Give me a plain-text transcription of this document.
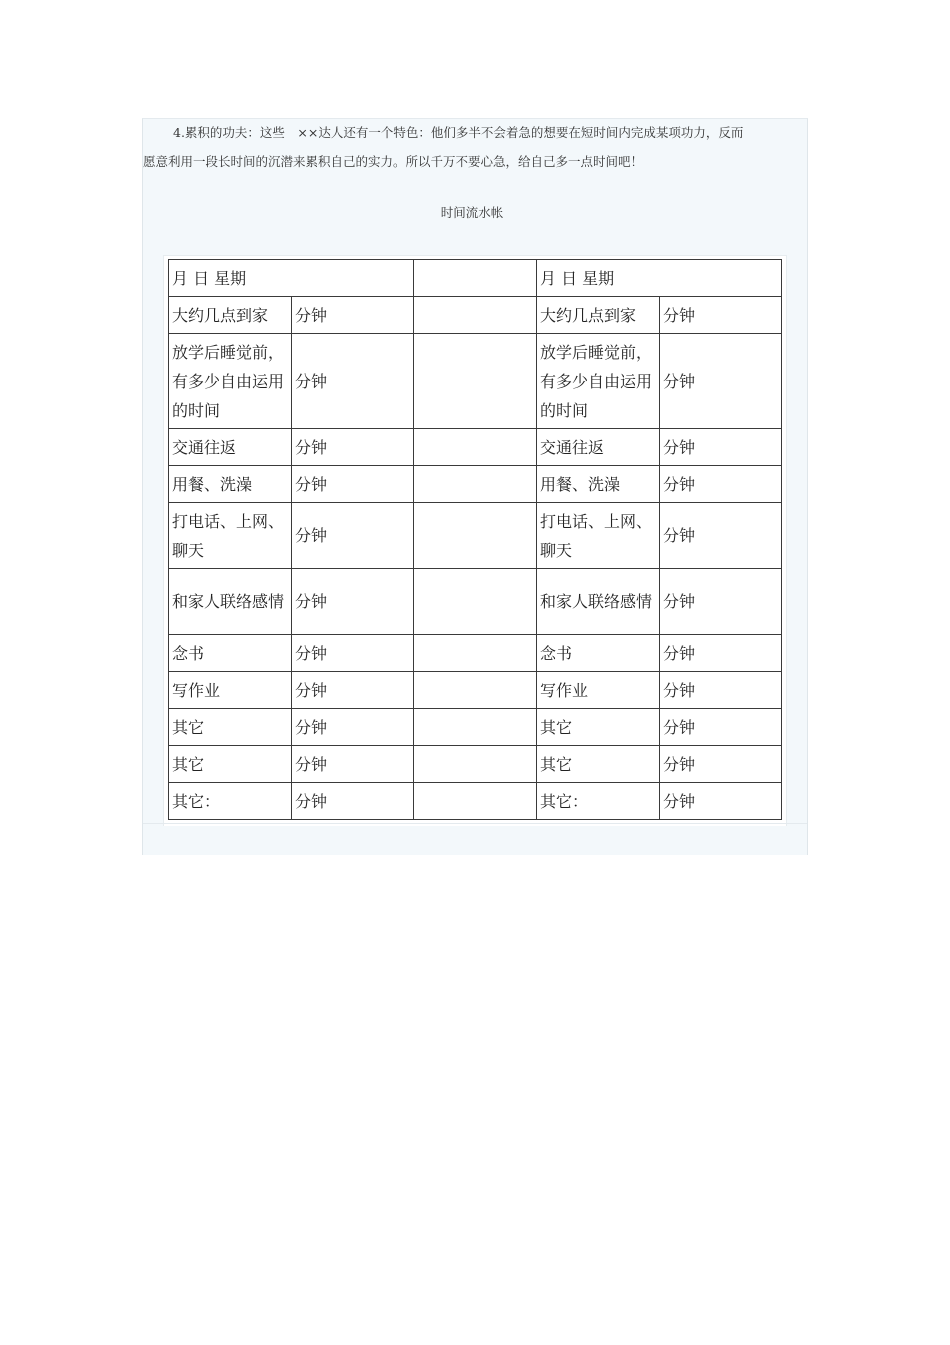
4.累积的功夫：这些　××达人还有一个特色：他们多半不会着急的想要在短时间内完成某项功力，反而
愿意利用一段长时间的沉潜来累积自己的实力。所以千万不要心急，给自己多一点时间吧！
时间流水帐
月 日 星期			月 日 星期	
大约几点到家	分钟		大约几点到家	分钟
放学后睡觉前，有多少自由运用的时间	分钟		放学后睡觉前，有多少自由运用的时间	分钟
交通往返	分钟		交通往返	分钟
用餐、洗澡	分钟		用餐、洗澡	分钟
打电话、上网、聊天	分钟		打电话、上网、聊天	分钟
和家人联络感情	分钟		和家人联络感情	分钟
念书	分钟		念书	分钟
写作业	分钟		写作业	分钟
其它	分钟		其它	分钟
其它	分钟		其它	分钟
其它：	分钟		其它：	分钟
